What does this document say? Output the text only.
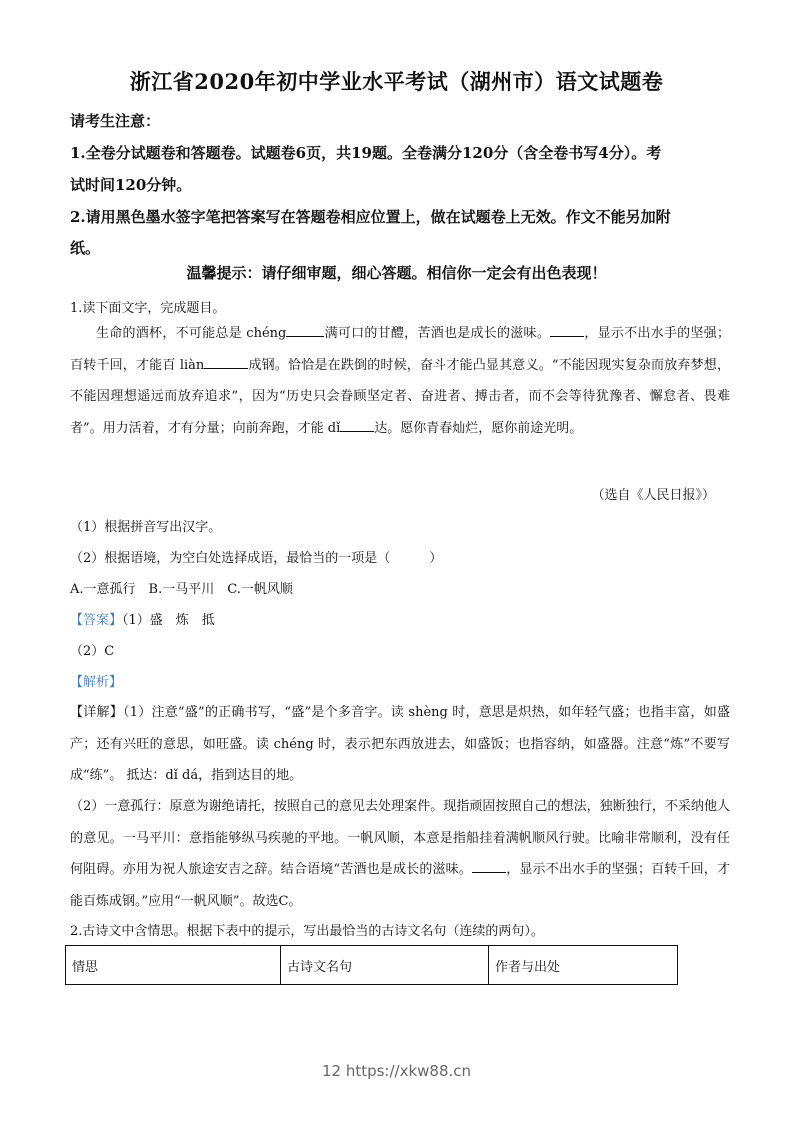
浙江省2020年初中学业水平考试（湖州市）语文试题卷
请考生注意：
1.全卷分试题卷和答题卷。试题卷6页，共19题。全卷满分120分（含全卷书写4分）。考
试时间120分钟。
2.请用黑色墨水签字笔把答案写在答题卷相应位置上，做在试题卷上无效。作文不能另加附
纸。
温馨提示：请仔细审题，细心答题。相信你一定会有出色表现！
1.读下面文字，完成题目。
生命的酒杯，不可能总是 chéng	满可口的甘醴，苦酒也是成长的滋味。	，显示不出水手的坚强；百转千回，才能百 liàn	成钢。恰恰是在跌倒的时候，奋斗才能凸显其意义。“不能因现实复杂而放弃梦想，不能因理想遥远而放弃追求”，因为“历史只会眷顾坚定者、奋进者、搏击者，而不会等待犹豫者、懈怠者、畏难者”。用力活着，才有分量；向前奔跑，才能 dǐ	达。愿你青春灿烂，愿你前途光明。
（选自《人民日报》）
（1）根据拼音写出汉字。
（2）根据语境，为空白处选择成语，最恰当的一项是（　　　）
A.一意孤行　B.一马平川　C.一帆风顺
【答案】（1）盛　炼　抵
（2）C
【解析】
【详解】（1）注意“盛”的正确书写，“盛”是个多音字。读 shèng 时，意思是炽热，如年轻气盛；也指丰富，如盛产；还有兴旺的意思，如旺盛。读 chéng 时，表示把东西放进去，如盛饭；也指容纳，如盛器。注意“炼”不要写成“练”。 抵达：dǐ dá，指到达目的地。
（2）一意孤行：原意为谢绝请托，按照自己的意见去处理案件。现指顽固按照自己的想法，独断独行，不采纳他人的意见。一马平川：意指能够纵马疾驰的平地。一帆风顺，本意是指船挂着满帆顺风行驶。比喻非常顺利，没有任何阻碍。亦用为祝人旅途安吉之辞。结合语境“苦酒也是成长的滋味。	，显示不出水手的坚强；百转千回，才能百炼成钢。”应用“一帆风顺”。故选C。
2.古诗文中含情思。根据下表中的提示，写出最恰当的古诗文名句（连续的两句）。
情思	古诗文名句	作者与出处
12 https://xkw88.cn
